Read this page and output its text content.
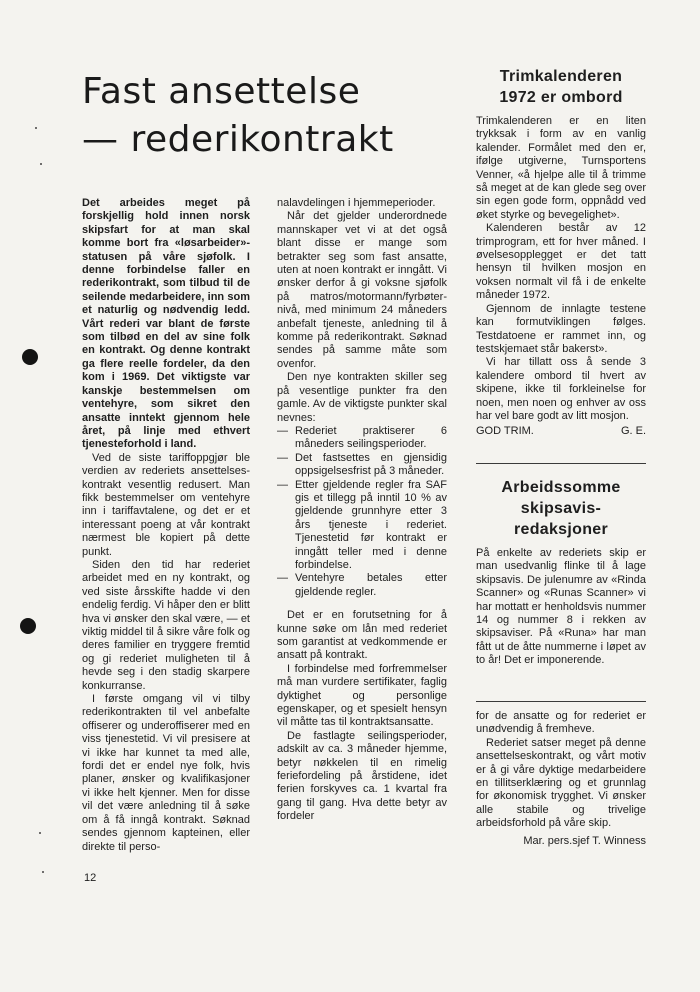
Fast ansettelse
— rederikontrakt

Det arbeides meget på forskjellig hold innen norsk skipsfart for at man skal komme bort fra «løsarbeider»-statusen på våre sjøfolk. I denne forbindelse faller en rederikontrakt, som tilbud til de seilende medarbeidere, inn som et naturlig og nødvendig ledd. Vårt rederi var blant de første som tilbød en del av sine folk en kontrakt. Og denne kontrakt ga flere reelle fordeler, da den kom i 1969. Det viktigste var kanskje bestemmelsen om ventehyre, som sikret den ansatte inntekt gjennom hele året, på linje med ethvert tjenesteforhold i land.

Ved de siste tariffoppgjør ble verdien av rederiets ansettelses-kontrakt vesentlig redusert. Man fikk bestemmelser om ventehyre inn i tariffavtalene, og det er et interessant poeng at vår kontrakt nærmest ble kopiert på dette punkt.

Siden den tid har rederiet arbeidet med en ny kontrakt, og ved siste årsskifte hadde vi den endelig ferdig. Vi håper den er blitt hva vi ønsker den skal være, — et viktig middel til å sikre våre folk og deres familier en tryggere fremtid og gi rederiet muligheten til å hevde seg i den stadig skarpere konkurranse.

I første omgang vil vi tilby rederikontrakten til vel anbefalte offiserer og underoffiserer med en viss tjenestetid. Vi vil presisere at vi ikke har kunnet ta med alle, fordi det er endel nye folk, hvis planer, ønsker og kvalifikasjoner vi ikke helt kjenner. Men for disse vil det være anledning til å søke om å få inngå kontrakt. Søknad sendes gjennom kapteinen, eller direkte til perso-

nalavdelingen i hjemmeperioder.

Når det gjelder underordnede mannskaper vet vi at det også blant disse er mange som betrakter seg som fast ansatte, uten at noen kontrakt er inngått. Vi ønsker derfor å gi voksne sjøfolk på matros/motormann/fyrbøter-nivå, med minimum 24 måneders anbefalt tjeneste, anledning til å komme på rederikontrakt. Søknad sendes på samme måte som ovenfor.

Den nye kontrakten skiller seg på vesentlige punkter fra den gamle. Av de viktigste punkter skal nevnes:

— Rederiet praktiserer 6 måneders seilingsperioder.
— Det fastsettes en gjensidig oppsigelsesfrist på 3 måneder.
— Etter gjeldende regler fra SAF gis et tillegg på inntil 10 % av gjeldende grunnhyre etter 3 års tjeneste i rederiet. Tjenestetid før kontrakt er inngått teller med i denne forbindelse.
— Ventehyre betales etter gjeldende regler.

Det er en forutsetning for å kunne søke om lån med rederiet som garantist at vedkommende er ansatt på kontrakt.

I forbindelse med forfremmelser må man vurdere sertifikater, faglig dyktighet og personlige egenskaper, og et spesielt hensyn vil måtte tas til kontraktsansatte.

De fastlagte seilingsperioder, adskilt av ca. 3 måneder hjemme, betyr nøkkelen til en rimelig feriefordeling på årstidene, idet ferien forskyves ca. 1 kvartal fra gang til gang. Hva dette betyr av fordeler

Trimkalenderen
1972 er ombord

Trimkalenderen er en liten trykksak i form av en vanlig kalender. Formålet med den er, ifølge utgiverne, Turnsportens Venner, «å hjelpe alle til å trimme så meget at de kan glede seg over sin egen gode form, oppnådd ved øket styrke og bevegelighet».

Kalenderen består av 12 trimprogram, ett for hver måned. I øvelsesopplegget er det tatt hensyn til hvilken mosjon en voksen normalt vil få i de enkelte måneder 1972.

Gjennom de innlagte testene kan formutviklingen følges. Testdatoene er rammet inn, og testskjemaet står bakerst».

Vi har tillatt oss å sende 3 kalendere ombord til hvert av skipene, ikke til forkleinelse for noen, men noen og enhver av oss har vel bare godt av litt mosjon.

GOD TRIM.	G. E.
Arbeidssomme
skipsavis-
redaksjoner

På enkelte av rederiets skip er man usedvanlig flinke til å lage skipsavis. De julenumre av «Rinda Scanner» og «Runas Scanner» vi har mottatt er henholdsvis nummer 14 og nummer 8 i rekken av skipsaviser. På «Runa» har man fått ut de åtte nummerne i løpet av to år! Det er imponerende.

for de ansatte og for rederiet er unødvendig å fremheve.

Rederiet satser meget på denne ansettelseskontrakt, og vårt motiv er å gi våre dyktige medarbeidere en tillitserklæring og et grunnlag for økonomisk trygghet. Vi ønsker alle stabile og trivelige arbeidsforhold på våre skip.

Mar. pers.sjef T. Winness
12
